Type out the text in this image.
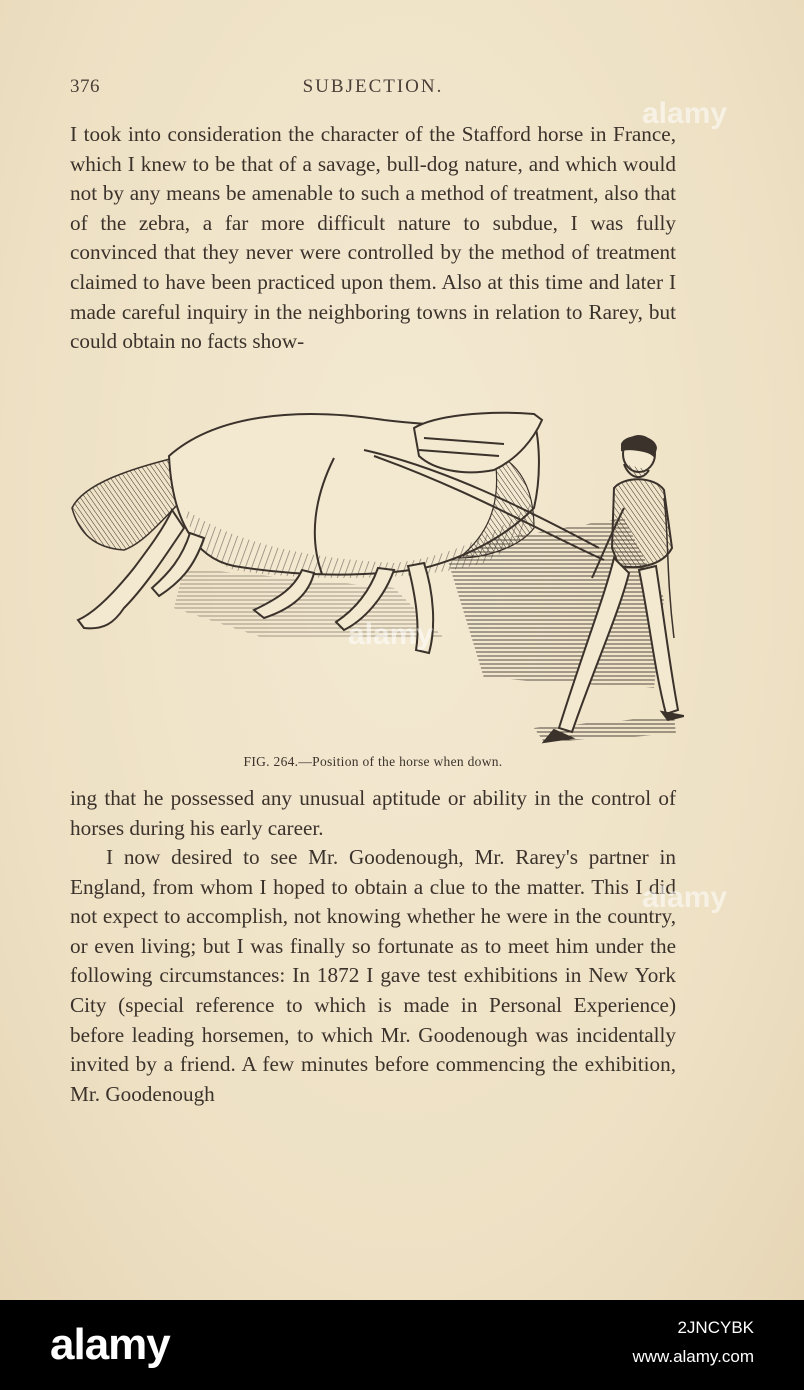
376	SUBJECTION.

I took into consideration the character of the Stafford horse in France, which I knew to be that of a savage, bull-dog nature, and which would not by any means be amenable to such a method of treatment, also that of the zebra, a far more difficult nature to subdue, I was fully convinced that they never were controlled by the method of treatment claimed to have been practiced upon them. Also at this time and later I made careful inquiry in the neighboring towns in relation to Rarey, but could obtain no facts show-

FIG. 264.—Position of the horse when down.

ing that he possessed any unusual aptitude or ability in the control of horses during his early career.

I now desired to see Mr. Goodenough, Mr. Rarey's partner in England, from whom I hoped to obtain a clue to the matter. This I did not expect to accomplish, not knowing whether he were in the country, or even living; but I was finally so fortunate as to meet him under the following circumstances: In 1872 I gave test exhibitions in New York City (special reference to which is made in Personal Experience) before leading horsemen, to which Mr. Goodenough was incidentally invited by a friend. A few minutes before commencing the exhibition, Mr. Goodenough

alamy
alamy
alamy
alamy	2JNCYBK
www.alamy.com
